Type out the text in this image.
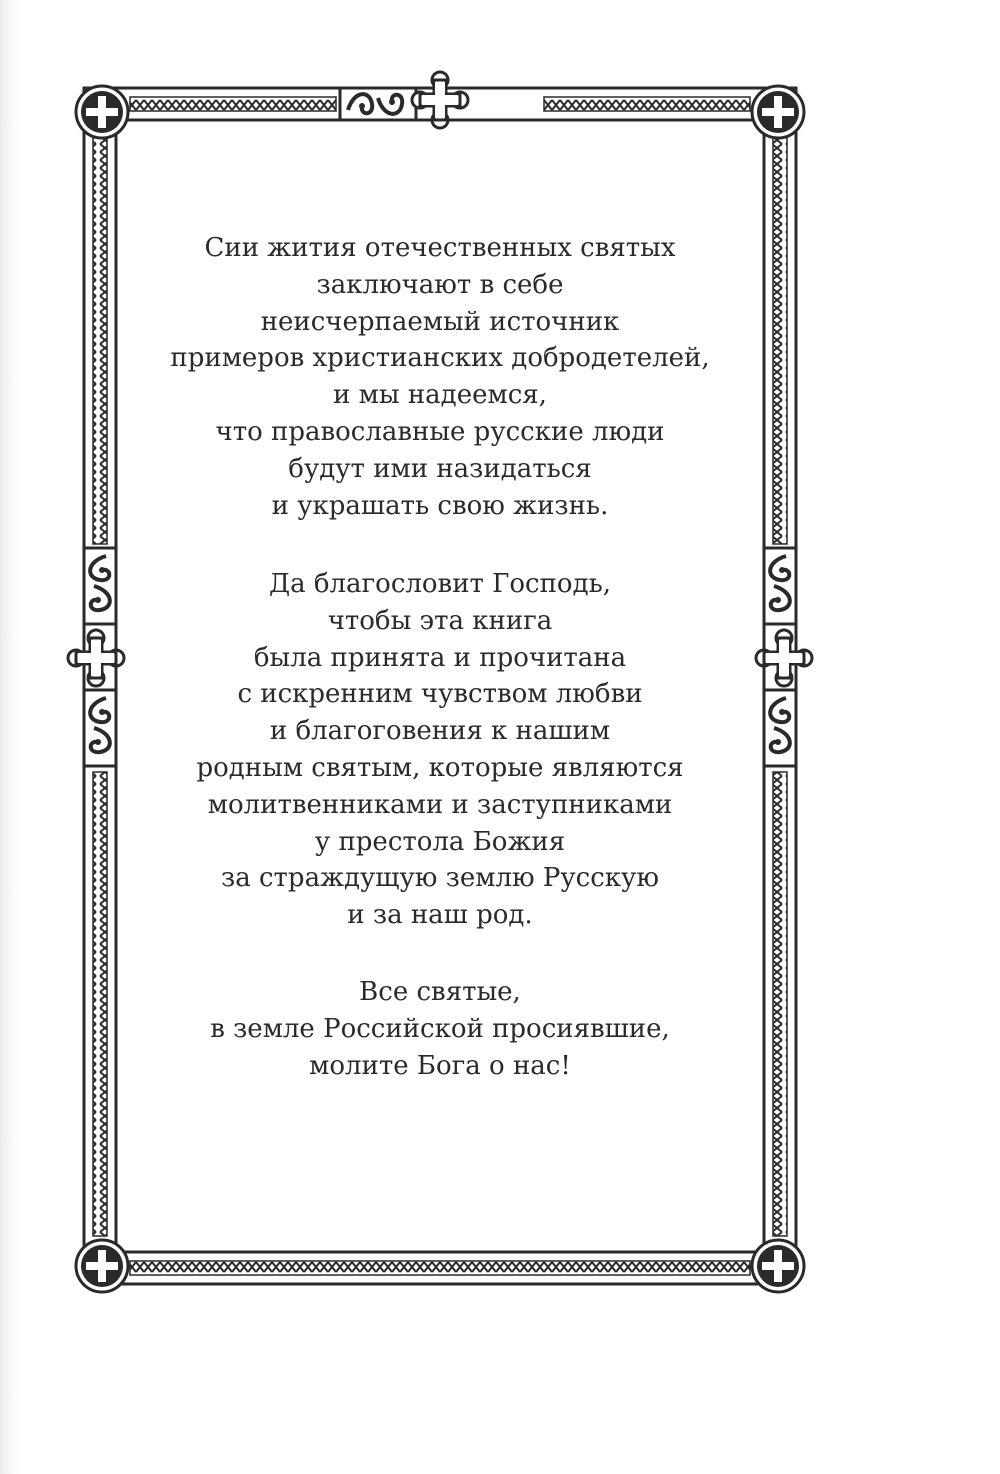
Сии жития отечественных святых
заключают в себе
неисчерпаемый источник
примеров христианских добродетелей,
и мы надеемся,
что православные русские люди
будут ими назидаться
и украшать свою жизнь.
Да благословит Господь,
чтобы эта книга
была принята и прочитана
с искренним чувством любви
и благоговения к нашим
родным святым, которые являются
молитвенниками и заступниками
у престола Божия
за страждущую землю Русскую
и за наш род.
Все святые,
в земле Российской просиявшие,
молите Бога о нас!
